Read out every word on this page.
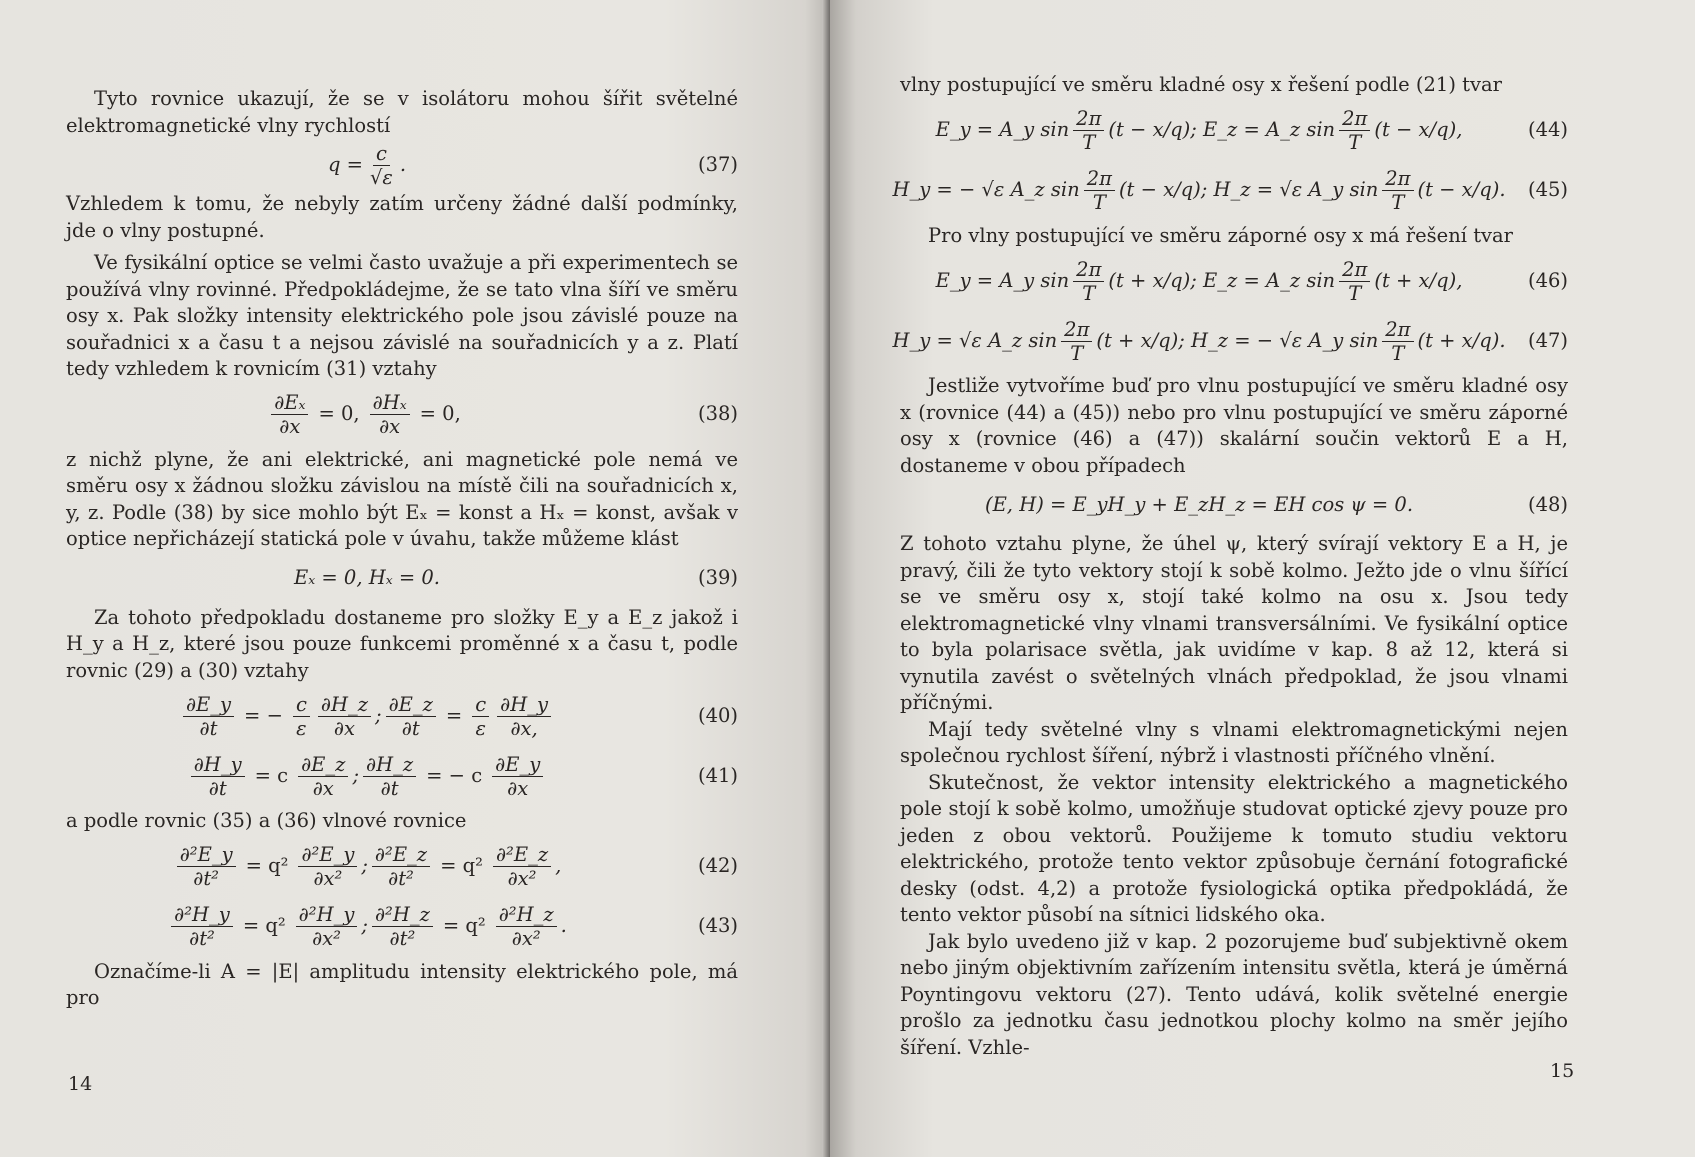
Tyto rovnice ukazují, že se v isolátoru mohou šířit světelné elektromagnetické vlny rychlostí

$q = \frac{c}{√\varepsilon}$ .	(37)

Vzhledem k tomu, že nebyly zatím určeny žádné další podmínky, jde o vlny postupné.

Ve fysikální optice se velmi často uvažuje a při experimentech se používá vlny rovinné. Předpokládejme, že se tato vlna šíří ve směru osy x. Pak složky intensity elektrického pole jsou závislé pouze na souřadnici x a času t a nejsou závislé na souřadnicích y a z. Platí tedy vzhledem k rovnicím (31) vztahy

$\frac{\text{∂Eₓ}}{\partial x} = 0$, $\frac{\text{∂Hₓ}}{\partial x} = 0$,	(38)

z nichž plyne, že ani elektrické, ani magnetické pole nemá ve směru osy x žádnou složku závislou na místě čili na souřadnicích x, y, z. Podle (38) by sice mohlo být Eₓ = konst a Hₓ = konst, avšak v optice nepřicházejí statická pole v úvahu, takže můžeme klást

Eₓ = 0, Hₓ = 0.	(39)

Za tohoto předpokladu dostaneme pro složky E_y a E_z jakož i H_y a H_z, které jsou pouze funkcemi proměnné x a času t, podle rovnic (29) a (30) vztahy

$\frac{\partial E\_y}{\partial t}$ = − $\frac{c}{\varepsilon} \frac{\partial H\_z}{\partial x}$ ; $\frac{\partial E\_z}{\partial t} = \frac{c}{\varepsilon} \frac{\partial H\_y}{\partial x,}$	(40)
$\frac{\partial H\_y}{\partial t} = c \frac{\partial E\_z}{\partial x}$ ; $\frac{\partial H\_z}{\partial t}$ = − c $\frac{\partial E\_y}{\partial x}$	(41)

a podle rovnic (35) a (36) vlnové rovnice

$\frac{\text{∂²E\_y}}{\text{∂t²}} = q^2 \frac{\text{∂²E\_y}}{\text{∂x²}}$ ; $\frac{\text{∂²E\_z}}{\text{∂t²}} = q^2 \frac{\text{∂²E\_z}}{\text{∂x²}}$ ,	(42)
$\frac{\text{∂²H\_y}}{\text{∂t²}} = q^2 \frac{\text{∂²H\_y}}{\text{∂x²}}$ ; $\frac{\text{∂²H\_z}}{\text{∂t²}} = q^2 \frac{\text{∂²H\_z}}{\text{∂x²}}$ .	(43)

Označíme-li A = |E| amplitudu intensity elektrického pole, má pro

14

vlny postupující ve směru kladné osy x řešení podle (21) tvar

E_y = A_y $\sin \frac{2\pi}{T} (t - x/q)$ ; E_z = A_z $\sin \frac{2\pi}{T} (t - x/q)$ ,	(44)
H_y = − √ε A_z $\sin \frac{2\pi}{T} (t - x/q)$ ; H_z = √ε A_y $\sin \frac{2\pi}{T} (t - x/q)$ . (45)

Pro vlny postupující ve směru záporné osy x má řešení tvar

E_y = A_y $\sin \frac{2\pi}{T} (t + x/q)$ ; E_z = A_z $\sin \frac{2\pi}{T} (t + x/q)$ ,	(46)
H_y = √ε A_z $\sin \frac{2\pi}{T} (t + x/q)$ ; H_z = − √ε A_y $\sin \frac{2\pi}{T} (t + x/q)$ . (47)

Jestliže vytvoříme buď pro vlnu postupující ve směru kladné osy x (rovnice (44) a (45)) nebo pro vlnu postupující ve směru záporné osy x (rovnice (46) a (47)) skalární součin vektorů E a H, dostaneme v obou případech

(E, H) = E_yH_y + E_zH_z = EH cos ψ = 0.	(48)

Z tohoto vztahu plyne, že úhel ψ, který svírají vektory E a H, je pravý, čili že tyto vektory stojí k sobě kolmo. Ježto jde o vlnu šířící se ve směru osy x, stojí také kolmo na osu x. Jsou tedy elektromagnetické vlny vlnami transversálními. Ve fysikální optice to byla polarisace světla, jak uvidíme v kap. 8 až 12, která si vynutila zavést o světelných vlnách předpoklad, že jsou vlnami příčnými.

Mají tedy světelné vlny s vlnami elektromagnetickými nejen společnou rychlost šíření, nýbrž i vlastnosti příčného vlnění.

Skutečnost, že vektor intensity elektrického a magnetického pole stojí k sobě kolmo, umožňuje studovat optické zjevy pouze pro jeden z obou vektorů. Použijeme k tomuto studiu vektoru elektrického, protože tento vektor způsobuje černání fotografické desky (odst. 4,2) a protože fysiologická optika předpokládá, že tento vektor působí na sítnici lidského oka.

Jak bylo uvedeno již v kap. 2 pozorujeme buď subjektivně okem nebo jiným objektivním zařízením intensitu světla, která je úměrná Poyntingovu vektoru (27). Tento udává, kolik světelné energie prošlo za jednotku času jednotkou plochy kolmo na směr jejího šíření. Vzhle-

15
